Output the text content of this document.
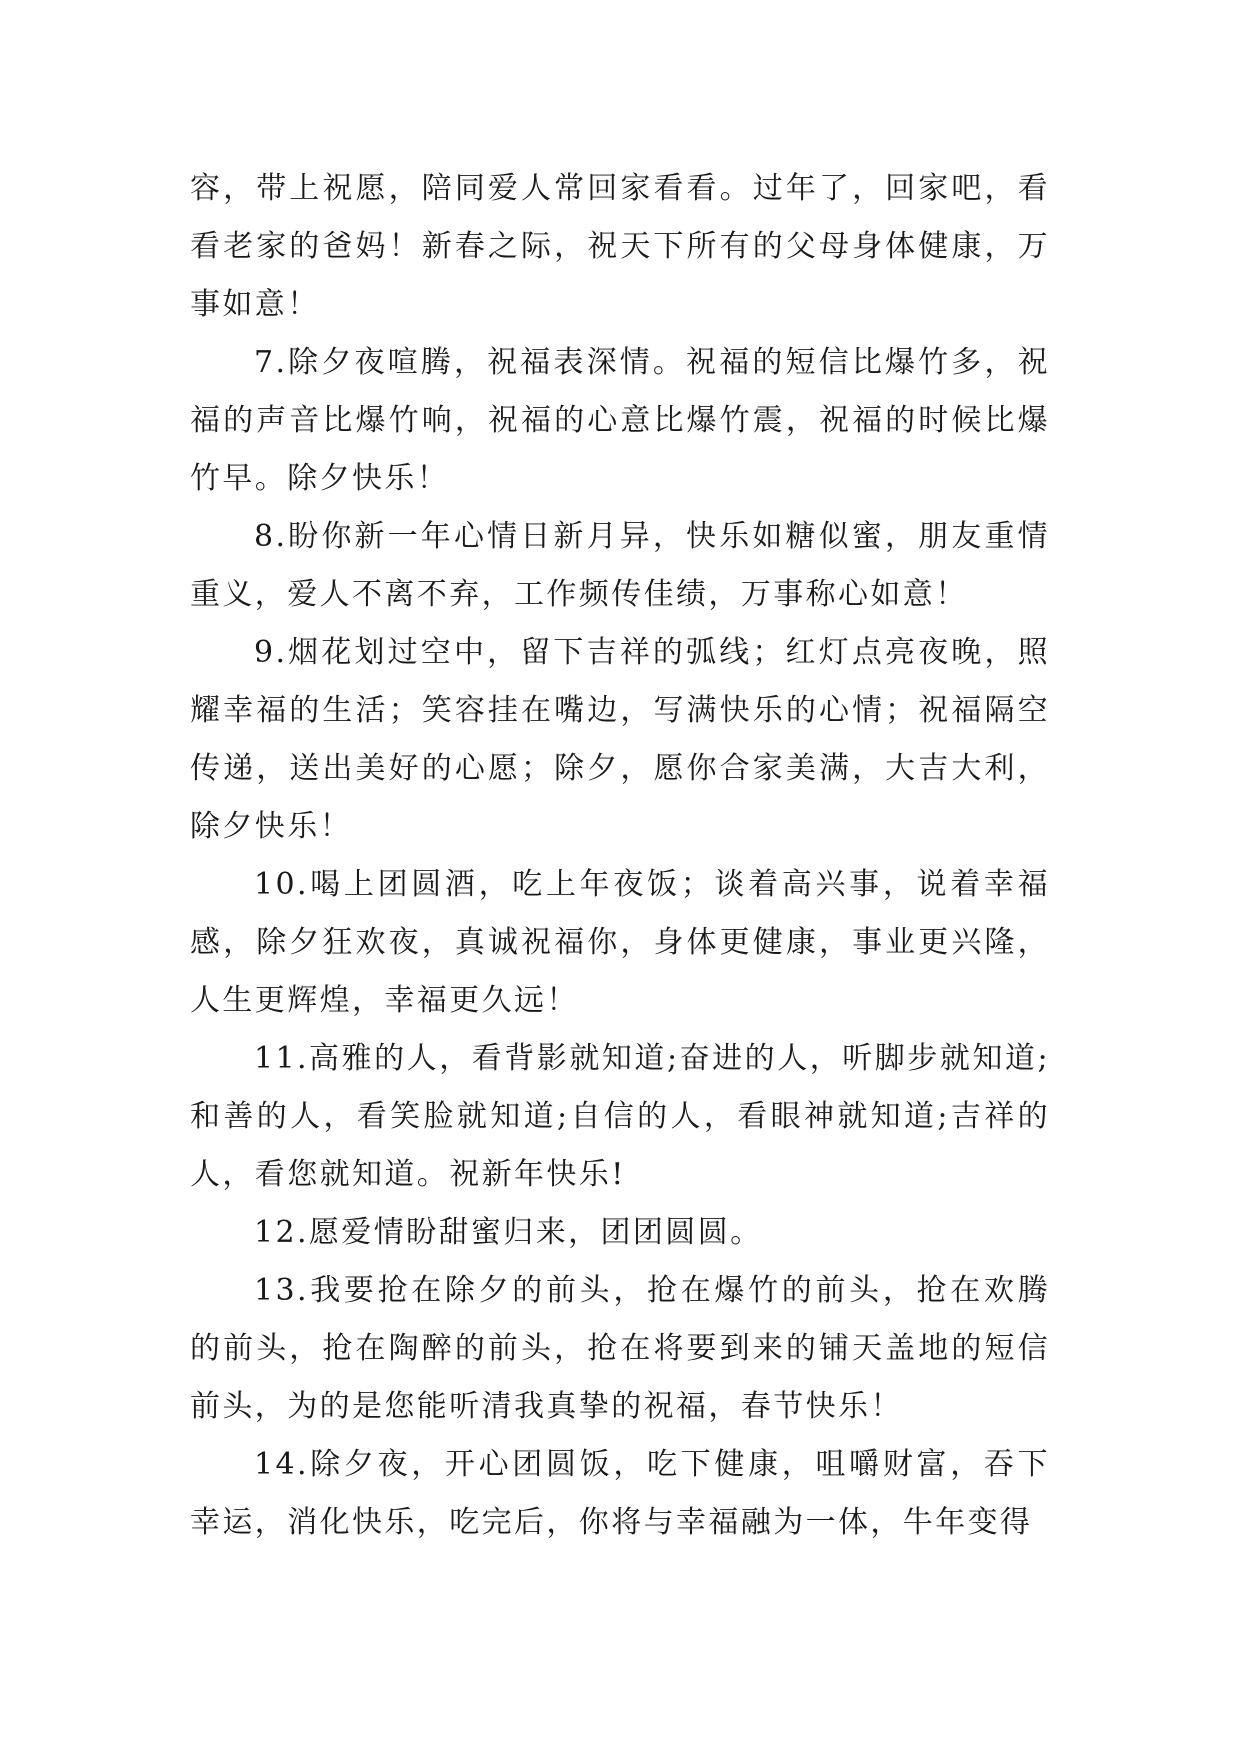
容，带上祝愿，陪同爱人常回家看看。过年了，回家吧，看看老家的爸妈！新春之际，祝天下所有的父母身体健康，万事如意！

7.除夕夜喧腾，祝福表深情。祝福的短信比爆竹多，祝福的声音比爆竹响，祝福的心意比爆竹震，祝福的时候比爆竹早。除夕快乐！

8.盼你新一年心情日新月异，快乐如糖似蜜，朋友重情重义，爱人不离不弃，工作频传佳绩，万事称心如意！

9.烟花划过空中，留下吉祥的弧线；红灯点亮夜晚，照耀幸福的生活；笑容挂在嘴边，写满快乐的心情；祝福隔空传递，送出美好的心愿；除夕，愿你合家美满，大吉大利，除夕快乐！

10.喝上团圆酒，吃上年夜饭；谈着高兴事，说着幸福感，除夕狂欢夜，真诚祝福你，身体更健康，事业更兴隆，人生更辉煌，幸福更久远！

11.高雅的人，看背影就知道;奋进的人，听脚步就知道;和善的人，看笑脸就知道;自信的人，看眼神就知道;吉祥的人，看您就知道。祝新年快乐!

12.愿爱情盼甜蜜归来，团团圆圆。

13.我要抢在除夕的前头，抢在爆竹的前头，抢在欢腾的前头，抢在陶醉的前头，抢在将要到来的铺天盖地的短信前头，为的是您能听清我真挚的祝福，春节快乐！

14.除夕夜，开心团圆饭，吃下健康，咀嚼财富，吞下幸运，消化快乐，吃完后，你将与幸福融为一体，牛年变得
